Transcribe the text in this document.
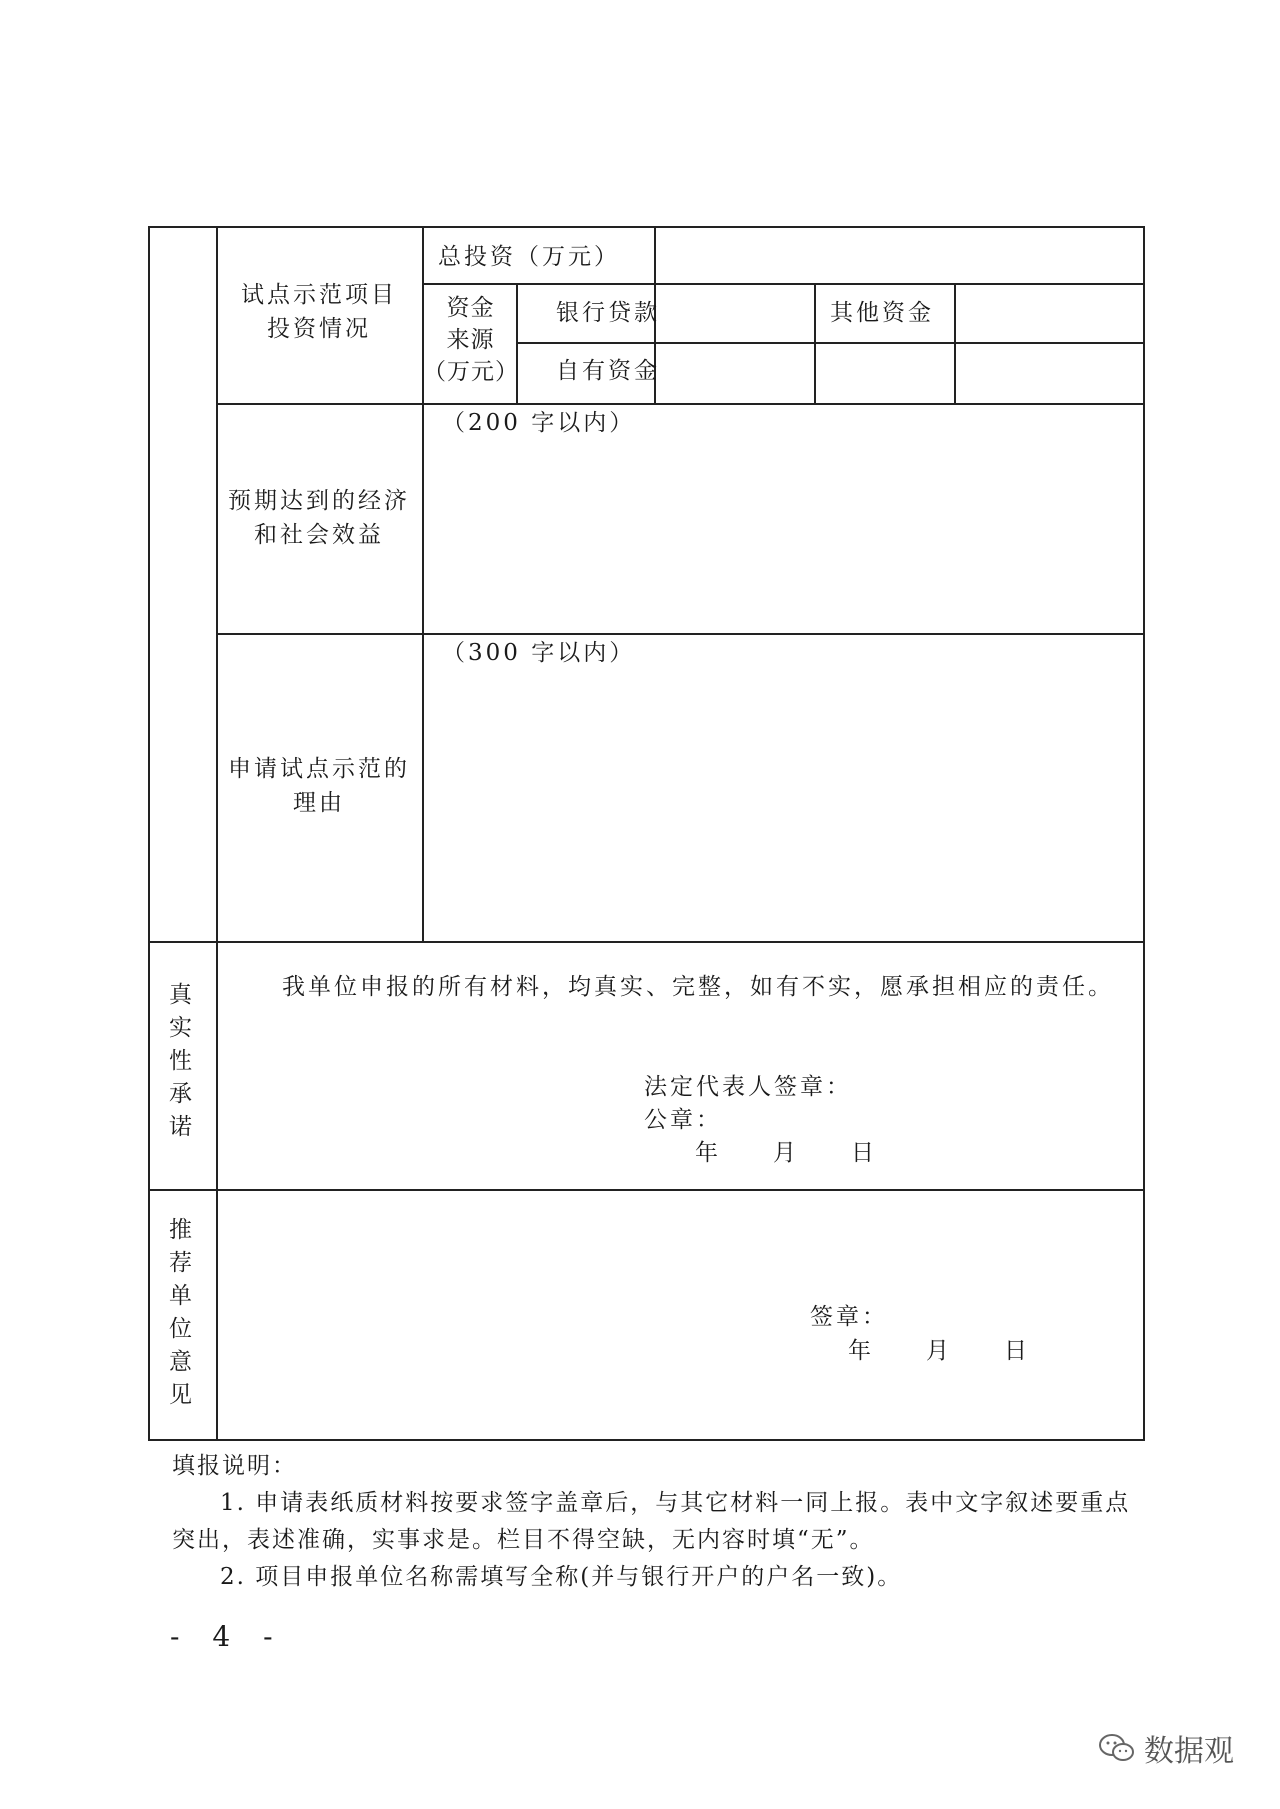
试点示范项目
投资情况
总投资（万元）
资金
来源
（万元）
银行贷款	其他资金
自有资金
预期达到的经济
和社会效益
（200 字以内）
申请试点示范的
理由
（300 字以内）
真实性承诺
我单位申报的所有材料，均真实、完整，如有不实，愿承担相应的责任。
法定代表人签章：
公章：
年　　月　　日
推荐单位意见
签章：
年　　月　　日

填报说明：

1. 申请表纸质材料按要求签字盖章后，与其它材料一同上报。表中文字叙述要重点突出，表述准确，实事求是。栏目不得空缺，无内容时填“无”。

2. 项目申报单位名称需填写全称(并与银行开户的户名一致)。

- 4 -
数据观
